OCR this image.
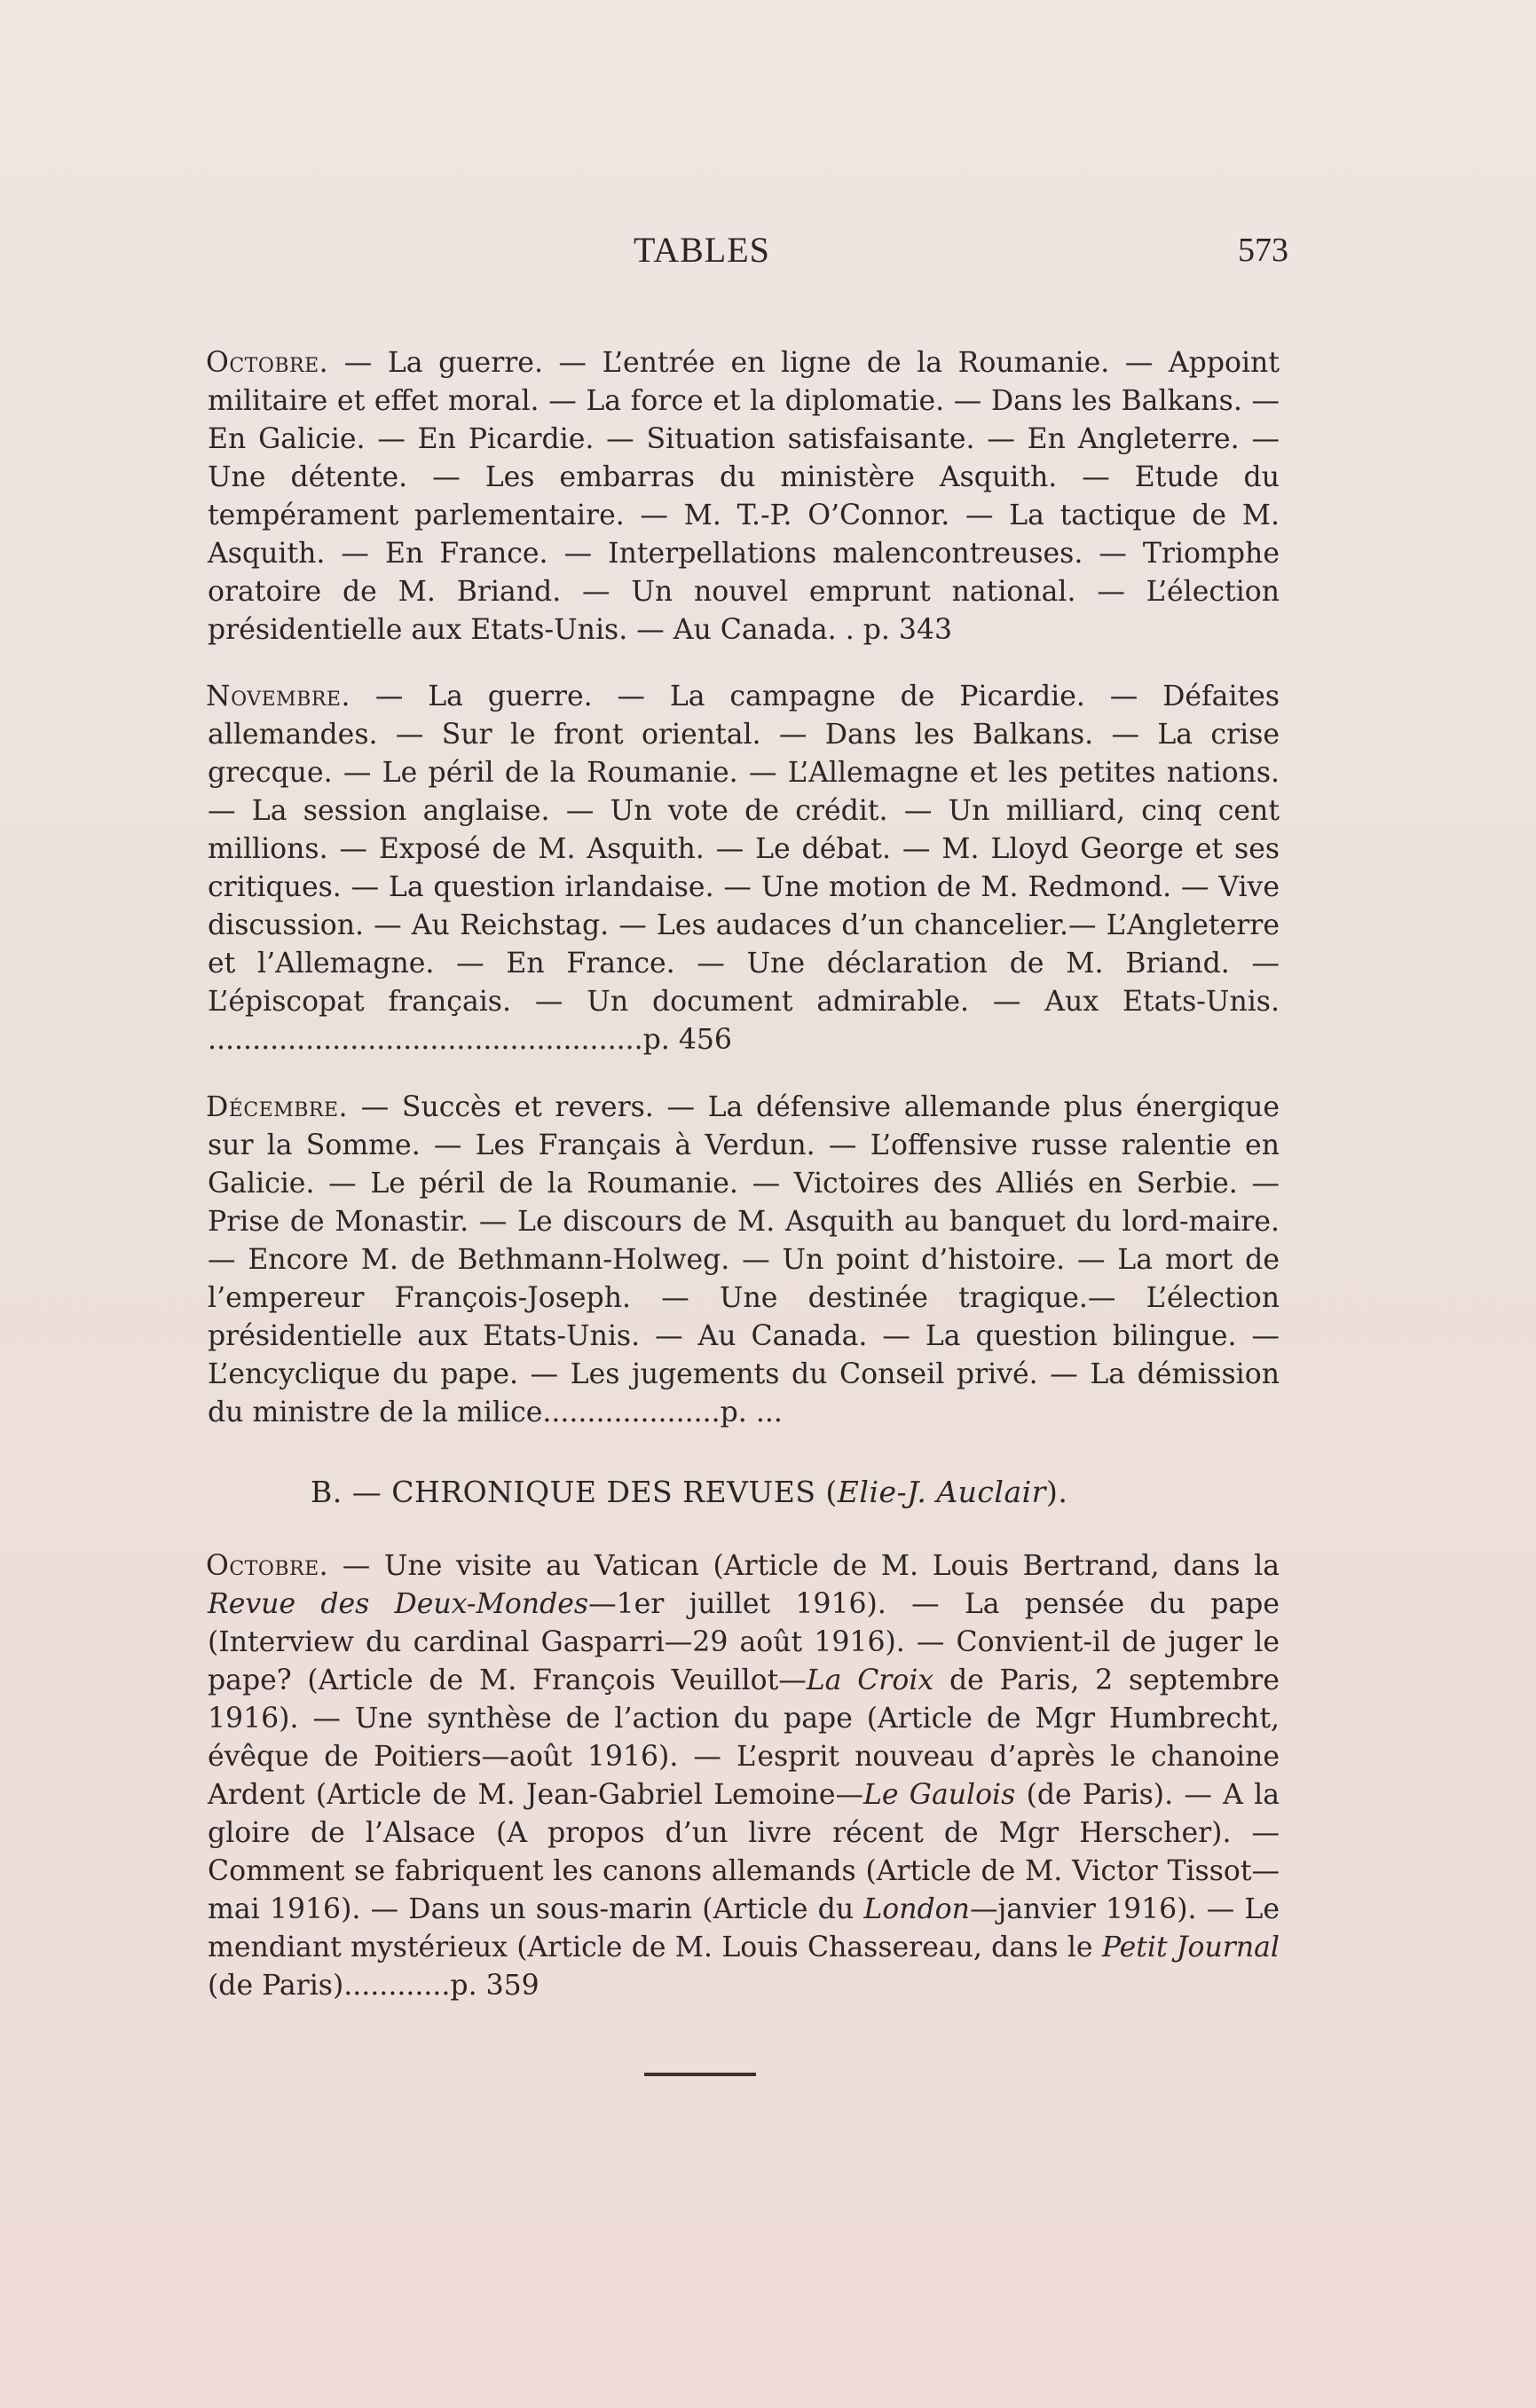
TABLES	573

Octobre. — La guerre. — L’entrée en ligne de la Roumanie. — Appoint militaire et effet moral. — La force et la diplomatie. — Dans les Balkans. — En Galicie. — En Picardie. — Situation satisfaisante. — En Angleterre. — Une détente. — Les embarras du ministère Asquith. — Etude du tempérament parlementaire. — M. T.-P. O’Connor. — La tactique de M. Asquith. — En France. — Interpellations malencontreuses. — Triomphe oratoire de M. Briand. — Un nouvel emprunt national. — L’élection présidentielle aux Etats-Unis. — Au Canada. . p. 343

Novembre. — La guerre. — La campagne de Picardie. — Défaites allemandes. — Sur le front oriental. — Dans les Balkans. — La crise grecque. — Le péril de la Roumanie. — L’Allemagne et les petites nations. — La session anglaise. — Un vote de crédit. — Un milliard, cinq cent millions. — Exposé de M. Asquith. — Le débat. — M. Lloyd George et ses critiques. — La question irlandaise. — Une motion de M. Redmond. — Vive discussion. — Au Reichstag. — Les audaces d’un chancelier.— L’Angleterre et l’Allemagne. — En France. — Une déclaration de M. Briand. — L’épiscopat français. — Un document admirable. — Aux Etats-Unis. .................................................p. 456

Décembre. — Succès et revers. — La défensive allemande plus énergique sur la Somme. — Les Français à Verdun. — L’offensive russe ralentie en Galicie. — Le péril de la Roumanie. — Victoires des Alliés en Serbie. — Prise de Monastir. — Le discours de M. Asquith au banquet du lord-maire. — Encore M. de Bethmann-Holweg. — Un point d’histoire. — La mort de l’empereur François-Joseph. — Une destinée tragique.— L’élection présidentielle aux Etats-Unis. — Au Canada. — La question bilingue. — L’encyclique du pape. — Les jugements du Conseil privé. — La démission du ministre de la milice....................p. ...

B. — CHRONIQUE DES REVUES (Elie-J. Auclair).

Octobre. — Une visite au Vatican (Article de M. Louis Bertrand, dans la Revue des Deux-Mondes—1er juillet 1916). — La pensée du pape (Interview du cardinal Gasparri—29 août 1916). — Convient-il de juger le pape? (Article de M. François Veuillot—La Croix de Paris, 2 septembre 1916). — Une synthèse de l’action du pape (Article de Mgr Humbrecht, évêque de Poitiers—août 1916). — L’esprit nouveau d’après le chanoine Ardent (Article de M. Jean-Gabriel Lemoine—Le Gaulois (de Paris). — A la gloire de l’Alsace (A propos d’un livre récent de Mgr Herscher). — Comment se fabriquent les canons allemands (Article de M. Victor Tissot—mai 1916). — Dans un sous-marin (Article du London—janvier 1916). — Le mendiant mystérieux (Article de M. Louis Chassereau, dans le Petit Journal (de Paris)............p. 359
